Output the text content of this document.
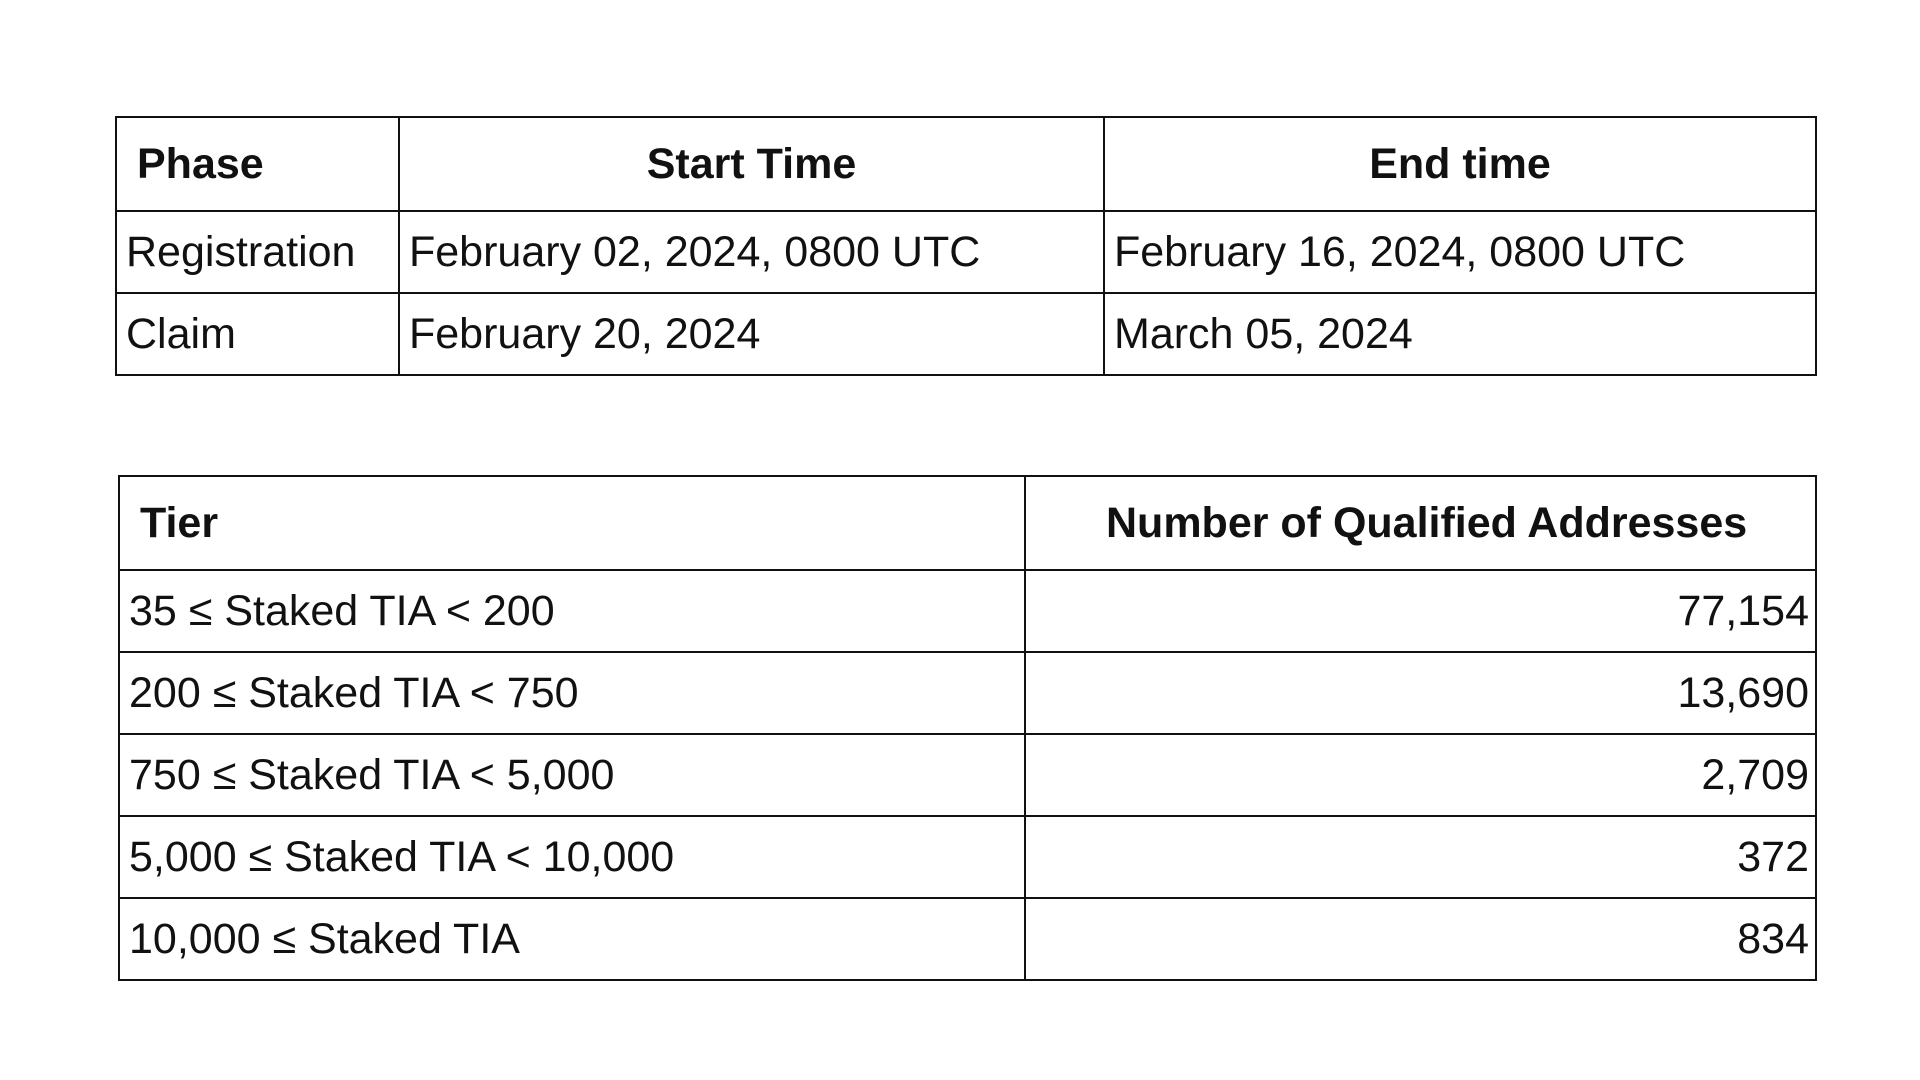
Phase	Start Time	End time
Registration	February 02, 2024, 0800 UTC	February 16, 2024, 0800 UTC
Claim	February 20, 2024	March 05, 2024
Tier	Number of Qualified Addresses
35 ≤ Staked TIA < 200	77,154
200 ≤ Staked TIA < 750	13,690
750 ≤ Staked TIA < 5,000	2,709
5,000 ≤ Staked TIA < 10,000	372
10,000 ≤ Staked TIA	834
